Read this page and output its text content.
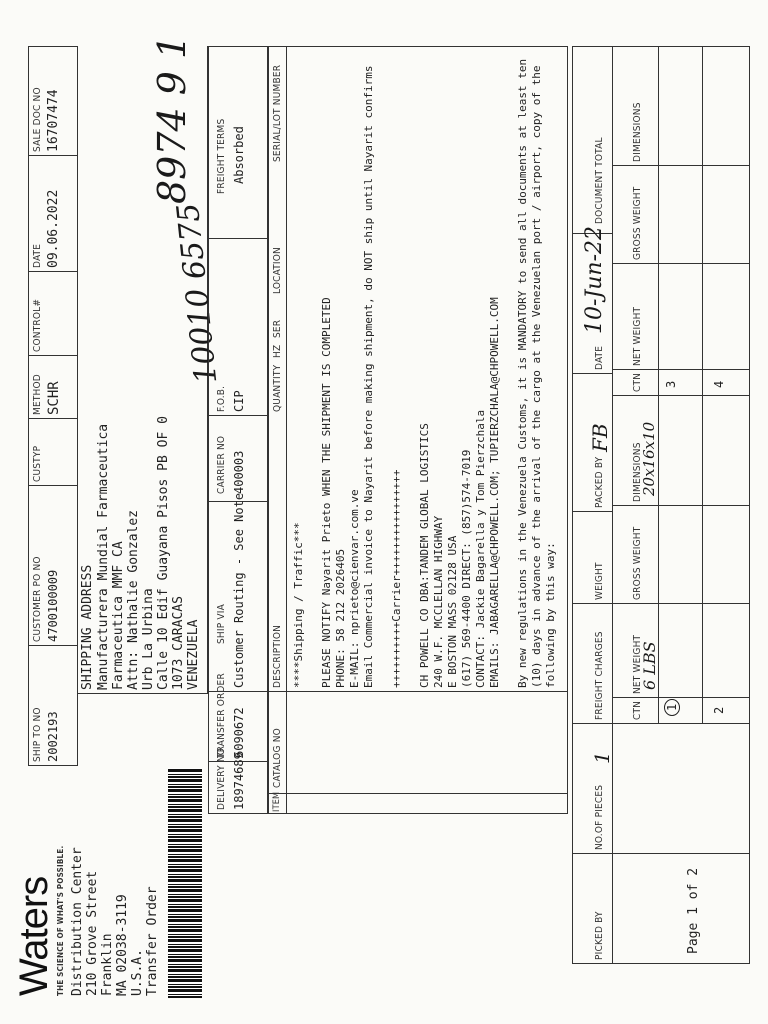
Waters THE SCIENCE OF WHAT'S POSSIBLE. Distribution Center 210 Grove Street Franklin MA 02038-3119 U.S.A. Transfer Order
SHIP TO NO 2002193
CUSTOMER PO NO 4700100009
CUSTYP
METHOD SCHR
CONTROL#
DATE 09.06.2022
SALE DOC NO 16707474
SHIPPING ADDRESS Manufacturera Mundial Farmaceutica Farmaceutica MMF CA Attn: Nathalie Gonzalez Urb La Urbina Calle 10 Edif Guayana Pisos PB OF 0 1073 CARACAS VENEZUELA
8974 9 1
10010 6575
DELIVERY NO 18974689
TRANSFER ORDER 6090672
SHIP VIA Customer Routing - See Note
CARRIER NO 400003
F.O.B. CIP
FREIGHT TERMS Absorbed
ITEM
CATALOG NO
DESCRIPTION
QUANTITY
HZ
SER
LOCATION
SERIAL/LOT NUMBER
****Shipping / Traffic*** PLEASE NOTIFY Nayarit Prieto WHEN THE SHIPMENT IS COMPLETED PHONE: 58 212 2026405 E-MAIL: nprieto@cienvar.com.ve Email Commercial invoice to Nayarit before making shipment, do NOT ship until Nayarit confirms ++++++++++Carrier++++++++++++++++ CH POWELL CO DBA:TANDEM GLOBAL LOGISTICS 240 W.F. MCCLELLAN HIGHWAY E BOSTON MASS 02128 USA (617) 569-4400 DIRECT: (857)574-7019 CONTACT: Jackie Bagarella y Tom Pierzchala EMAILS: JABAGARELLA@CHPOWELL.COM; TUPIERZCHALA@CHPOWELL.COM By new regulations in the Venezuela Customs, it is MANDATORY to send all documents at least ten (10) days in advance of the arrival of the cargo at the Venezuelan port / airport, copy of the following by this way:
PICKED BY
NO.OF PIECES
1
FREIGHT CHARGES
WEIGHT
PACKED BY
FB
DATE
10-Jun-22
DOCUMENT TOTAL
CTN
NET WEIGHT
6 LBS
GROSS WEIGHT
DIMENSIONS
20x16x10
CTN
NET WEIGHT
GROSS WEIGHT
DIMENSIONS
1	2
3	4
Page 1 of 2
